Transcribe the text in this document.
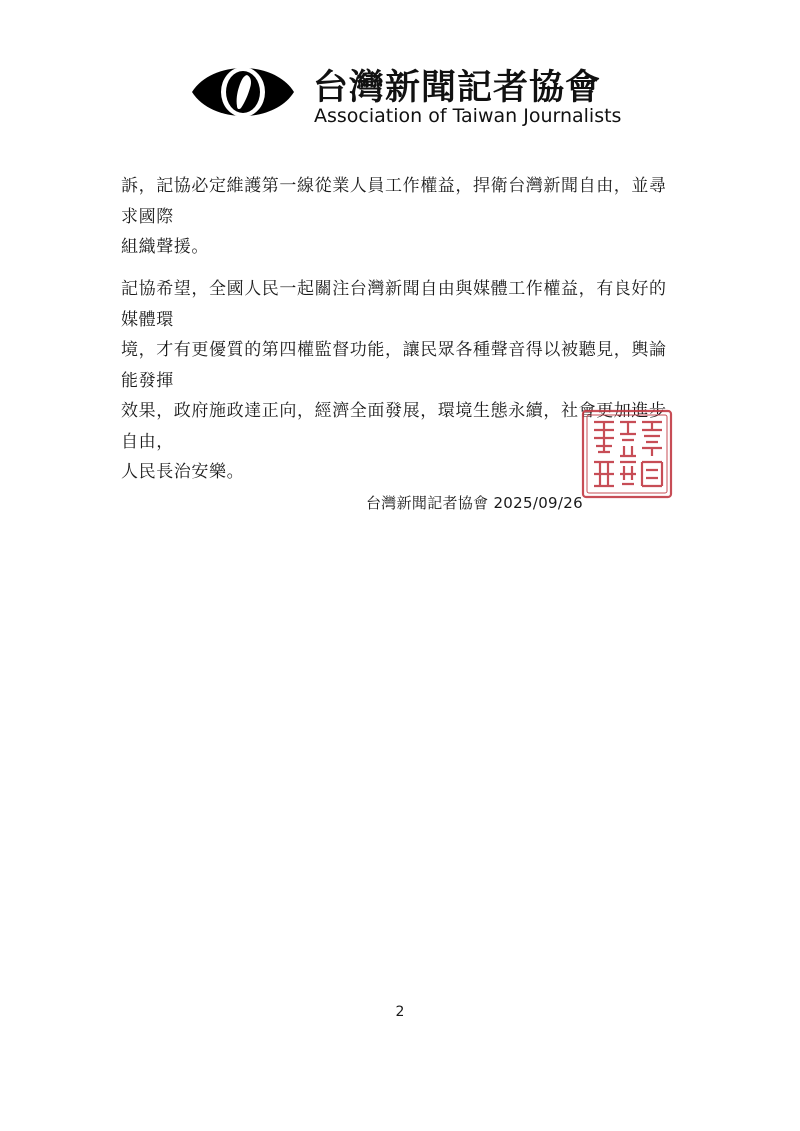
台灣新聞記者協會
Association of Taiwan Journalists

訴，記協必定維護第一線從業人員工作權益，捍衛台灣新聞自由，並尋求國際
組織聲援。

記協希望，全國人民一起關注台灣新聞自由與媒體工作權益，有良好的媒體環
境，才有更優質的第四權監督功能，讓民眾各種聲音得以被聽見，輿論能發揮
效果，政府施政達正向，經濟全面發展，環境生態永續，社會更加進步自由，
人民長治安樂。

台灣新聞記者協會 2025/09/26
2
